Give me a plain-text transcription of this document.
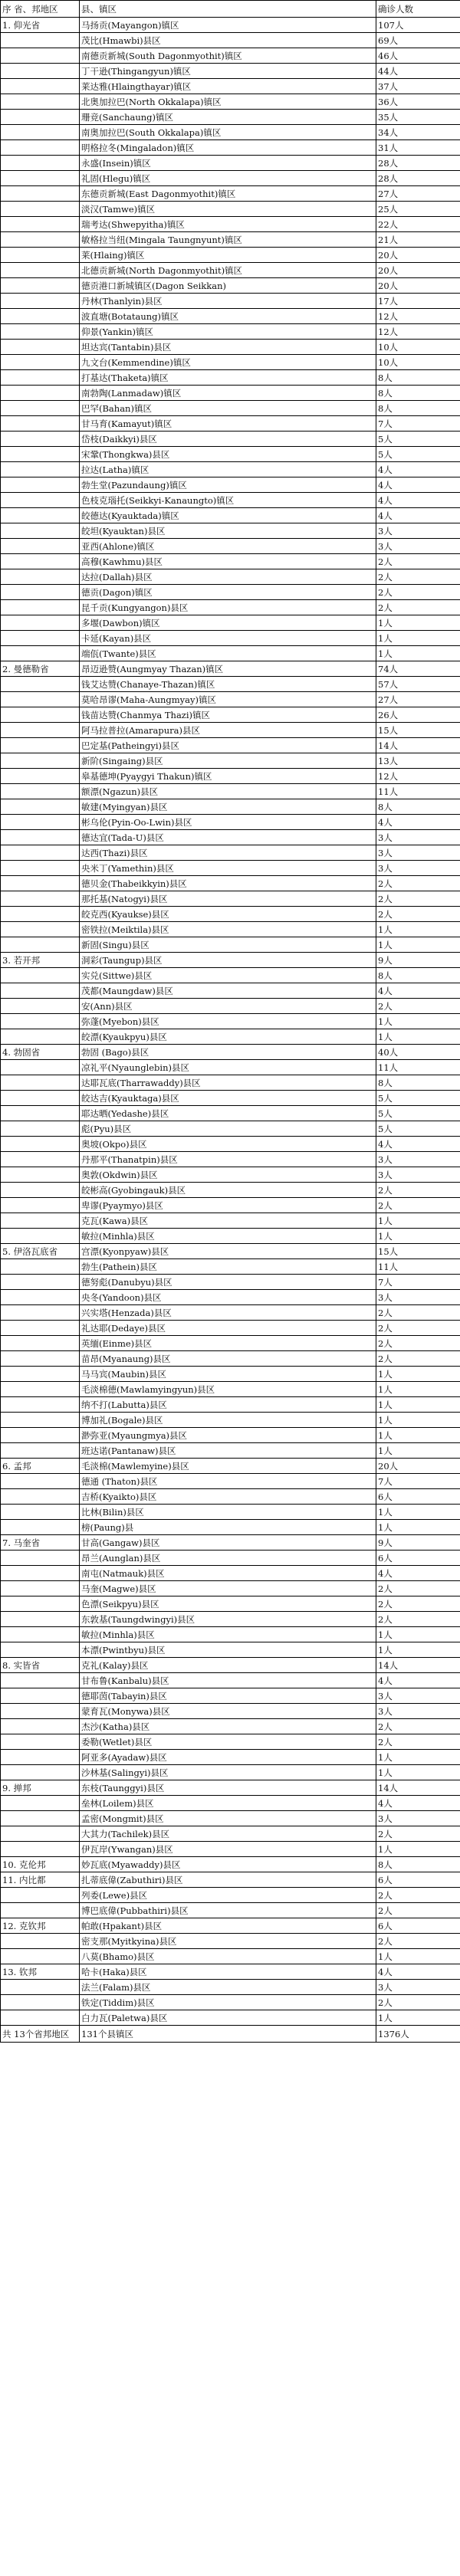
序 省、邦地区	县、镇区	确诊人数
1. 仰光省	马扬贡(Mayangon)镇区	107人
	茂比(Hmawbi)县区	69人
	南德贡新城(South Dagonmyothit)镇区	46人
	丁干逊(Thingangyun)镇区	44人
	莱达雅(Hlaingthayar)镇区	37人
	北奥加拉巴(North Okkalapa)镇区	36人
	珊竞(Sanchaung)镇区	35人
	南奥加拉巴(South Okkalapa)镇区	34人
	明格拉冬(Mingaladon)镇区	31人
	永盛(Insein)镇区	28人
	礼固(Hlegu)镇区	28人
	东德贡新城(East Dagonmyothit)镇区	27人
	淡汉(Tamwe)镇区	25人
	瑞考达(Shwepyitha)镇区	22人
	敏格拉当纽(Mingala Taungnyunt)镇区	21人
	莱(Hlaing)镇区	20人
	北德贡新城(North Dagonmyothit)镇区	20人
	德贡港口新城镇区(Dagon Seikkan)	20人
	丹林(Thanlyin)县区	17人
	波直塘(Botataung)镇区	12人
	仰景(Yankin)镇区	12人
	坦达宾(Tantabin)县区	10人
	九文台(Kemmendine)镇区	10人
	打基达(Thaketa)镇区	8人
	南勃陶(Lanmadaw)镇区	8人
	巴罕(Bahan)镇区	8人
	甘马育(Kamayut)镇区	7人
	岱枝(Daikkyi)县区	5人
	宋鞏(Thongkwa)县区	5人
	拉达(Latha)镇区	4人
	勃生堂(Pazundaung)镇区	4人
	色枝克瑙托(Seikkyi-Kanaungto)镇区	4人
	皎德达(Kyauktada)镇区	4人
	皎坦(Kyauktan)县区	3人
	亚西(Ahlone)镇区	3人
	高穆(Kawhmu)县区	2人
	达拉(Dallah)县区	2人
	德贡(Dagon)镇区	2人
	昆千贡(Kungyangon)县区	2人
	多堰(Dawbon)镇区	1人
	卡延(Kayan)县区	1人
	端佤(Twante)县区	1人
2. 曼德勒省	昂迈逊赞(Aungmyay Thazan)镇区	74人
	钱艾达赞(Chanaye-Thazan)镇区	57人
	莫哈昂谬(Maha-Aungmyay)镇区	27人
	钱苗达赞(Chanmya Thazi)镇区	26人
	阿马拉普拉(Amarapura)县区	15人
	巴定基(Patheingyi)县区	14人
	新阶(Singaing)县区	13人
	皋基德坤(Pyaygyi Thakun)镇区	12人
	额漂(Ngazun)县区	11人
	敏建(Myingyan)县区	8人
	彬乌伦(Pyin-Oo-Lwin)县区	4人
	德达宜(Tada-U)县区	3人
	达西(Thazi)县区	3人
	央米丁(Yamethin)县区	3人
	德贝金(Thabeikkyin)县区	2人
	那托基(Natogyi)县区	2人
	皎克西(Kyaukse)县区	2人
	密铁拉(Meiktila)县区	1人
	新固(Singu)县区	1人
3. 若开邦	洞彩(Taungup)县区	9人
	实兑(Sittwe)县区	8人
	茂都(Maungdaw)县区	4人
	安(Ann)县区	2人
	弥蓬(Myebon)县区	1人
	皎漂(Kyaukpyu)县区	1人
4. 勃固省	勃固 (Bago)县区	40人
	凉礼平(Nyaunglebin)县区	11人
	达耶瓦底(Tharrawaddy)县区	8人
	皎达吉(Kyauktaga)县区	5人
	耶达晒(Yedashe)县区	5人
	彪(Pyu)县区	5人
	奥坡(Okpo)县区	4人
	丹那平(Thanatpin)县区	3人
	奥敦(Okdwin)县区	3人
	皎彬高(Gyobingauk)县区	2人
	卑谬(Pyaymyo)县区	2人
	克瓦(Kawa)县区	1人
	敏拉(Minhla)县区	1人
5. 伊洛瓦底省	宫漂(Kyonpyaw)县区	15人
	勃生(Pathein)县区	11人
	德努彪(Danubyu)县区	7人
	央冬(Yandoon)县区	3人
	兴实塔(Henzada)县区	2人
	礼达耶(Dedaye)县区	2人
	英缅(Einme)县区	2人
	苗昂(Myanaung)县区	2人
	马马宾(Maubin)县区	1人
	毛淡棉德(Mawlamyingyun)县区	1人
	纳不打(Labutta)县区	1人
	博加礼(Bogale)县区	1人
	渺弥亚(Myaungmya)县区	1人
	班达诺(Pantanaw)县区	1人
6. 孟邦	毛淡棉(Mawlemyine)县区	20人
	德通 (Thaton)县区	7人
	吉桥(Kyaikto)县区	6人
	比林(Bilin)县区	1人
	榜(Paung)县	1人
7. 马奎省	甘高(Gangaw)县区	9人
	昂兰(Aunglan)县区	6人
	南屯(Natmauk)县区	4人
	马奎(Magwe)县区	2人
	色漂(Seikpyu)县区	2人
	东敦基(Taungdwingyi)县区	2人
	敏拉(Minhla)县区	1人
	本漂(Pwintbyu)县区	1人
8. 实皆省	克礼(Kalay)县区	14人
	甘布鲁(Kanbalu)县区	4人
	德耶茵(Tabayin)县区	3人
	蒙育瓦(Monywa)县区	3人
	杰沙(Katha)县区	2人
	委勒(Wetlet)县区	2人
	阿亚多(Ayadaw)县区	1人
	沙林基(Salingyi)县区	1人
9. 掸邦	东枝(Taunggyi)县区	14人
	垒林(Loilem)县区	4人
	孟密(Mongmit)县区	3人
	大其力(Tachilek)县区	2人
	伊瓦岸(Ywangan)县区	1人
10. 克伦邦	妙瓦底(Myawaddy)县区	8人
11. 内比都	扎蒂底偉(Zabuthiri)县区	6人
	列委(Lewe)县区	2人
	博巴底偉(Pubbathiri)县区	2人
12. 克钦邦	帕敢(Hpakant)县区	6人
	密支那(Myitkyina)县区	2人
	八莫(Bhamo)县区	1人
13. 钦邦	哈卡(Haka)县区	4人
	法兰(Falam)县区	3人
	铁定(Tiddim)县区	2人
	白力瓦(Paletwa)县区	1人
共 13个省邦地区	131个县镇区	1376人
